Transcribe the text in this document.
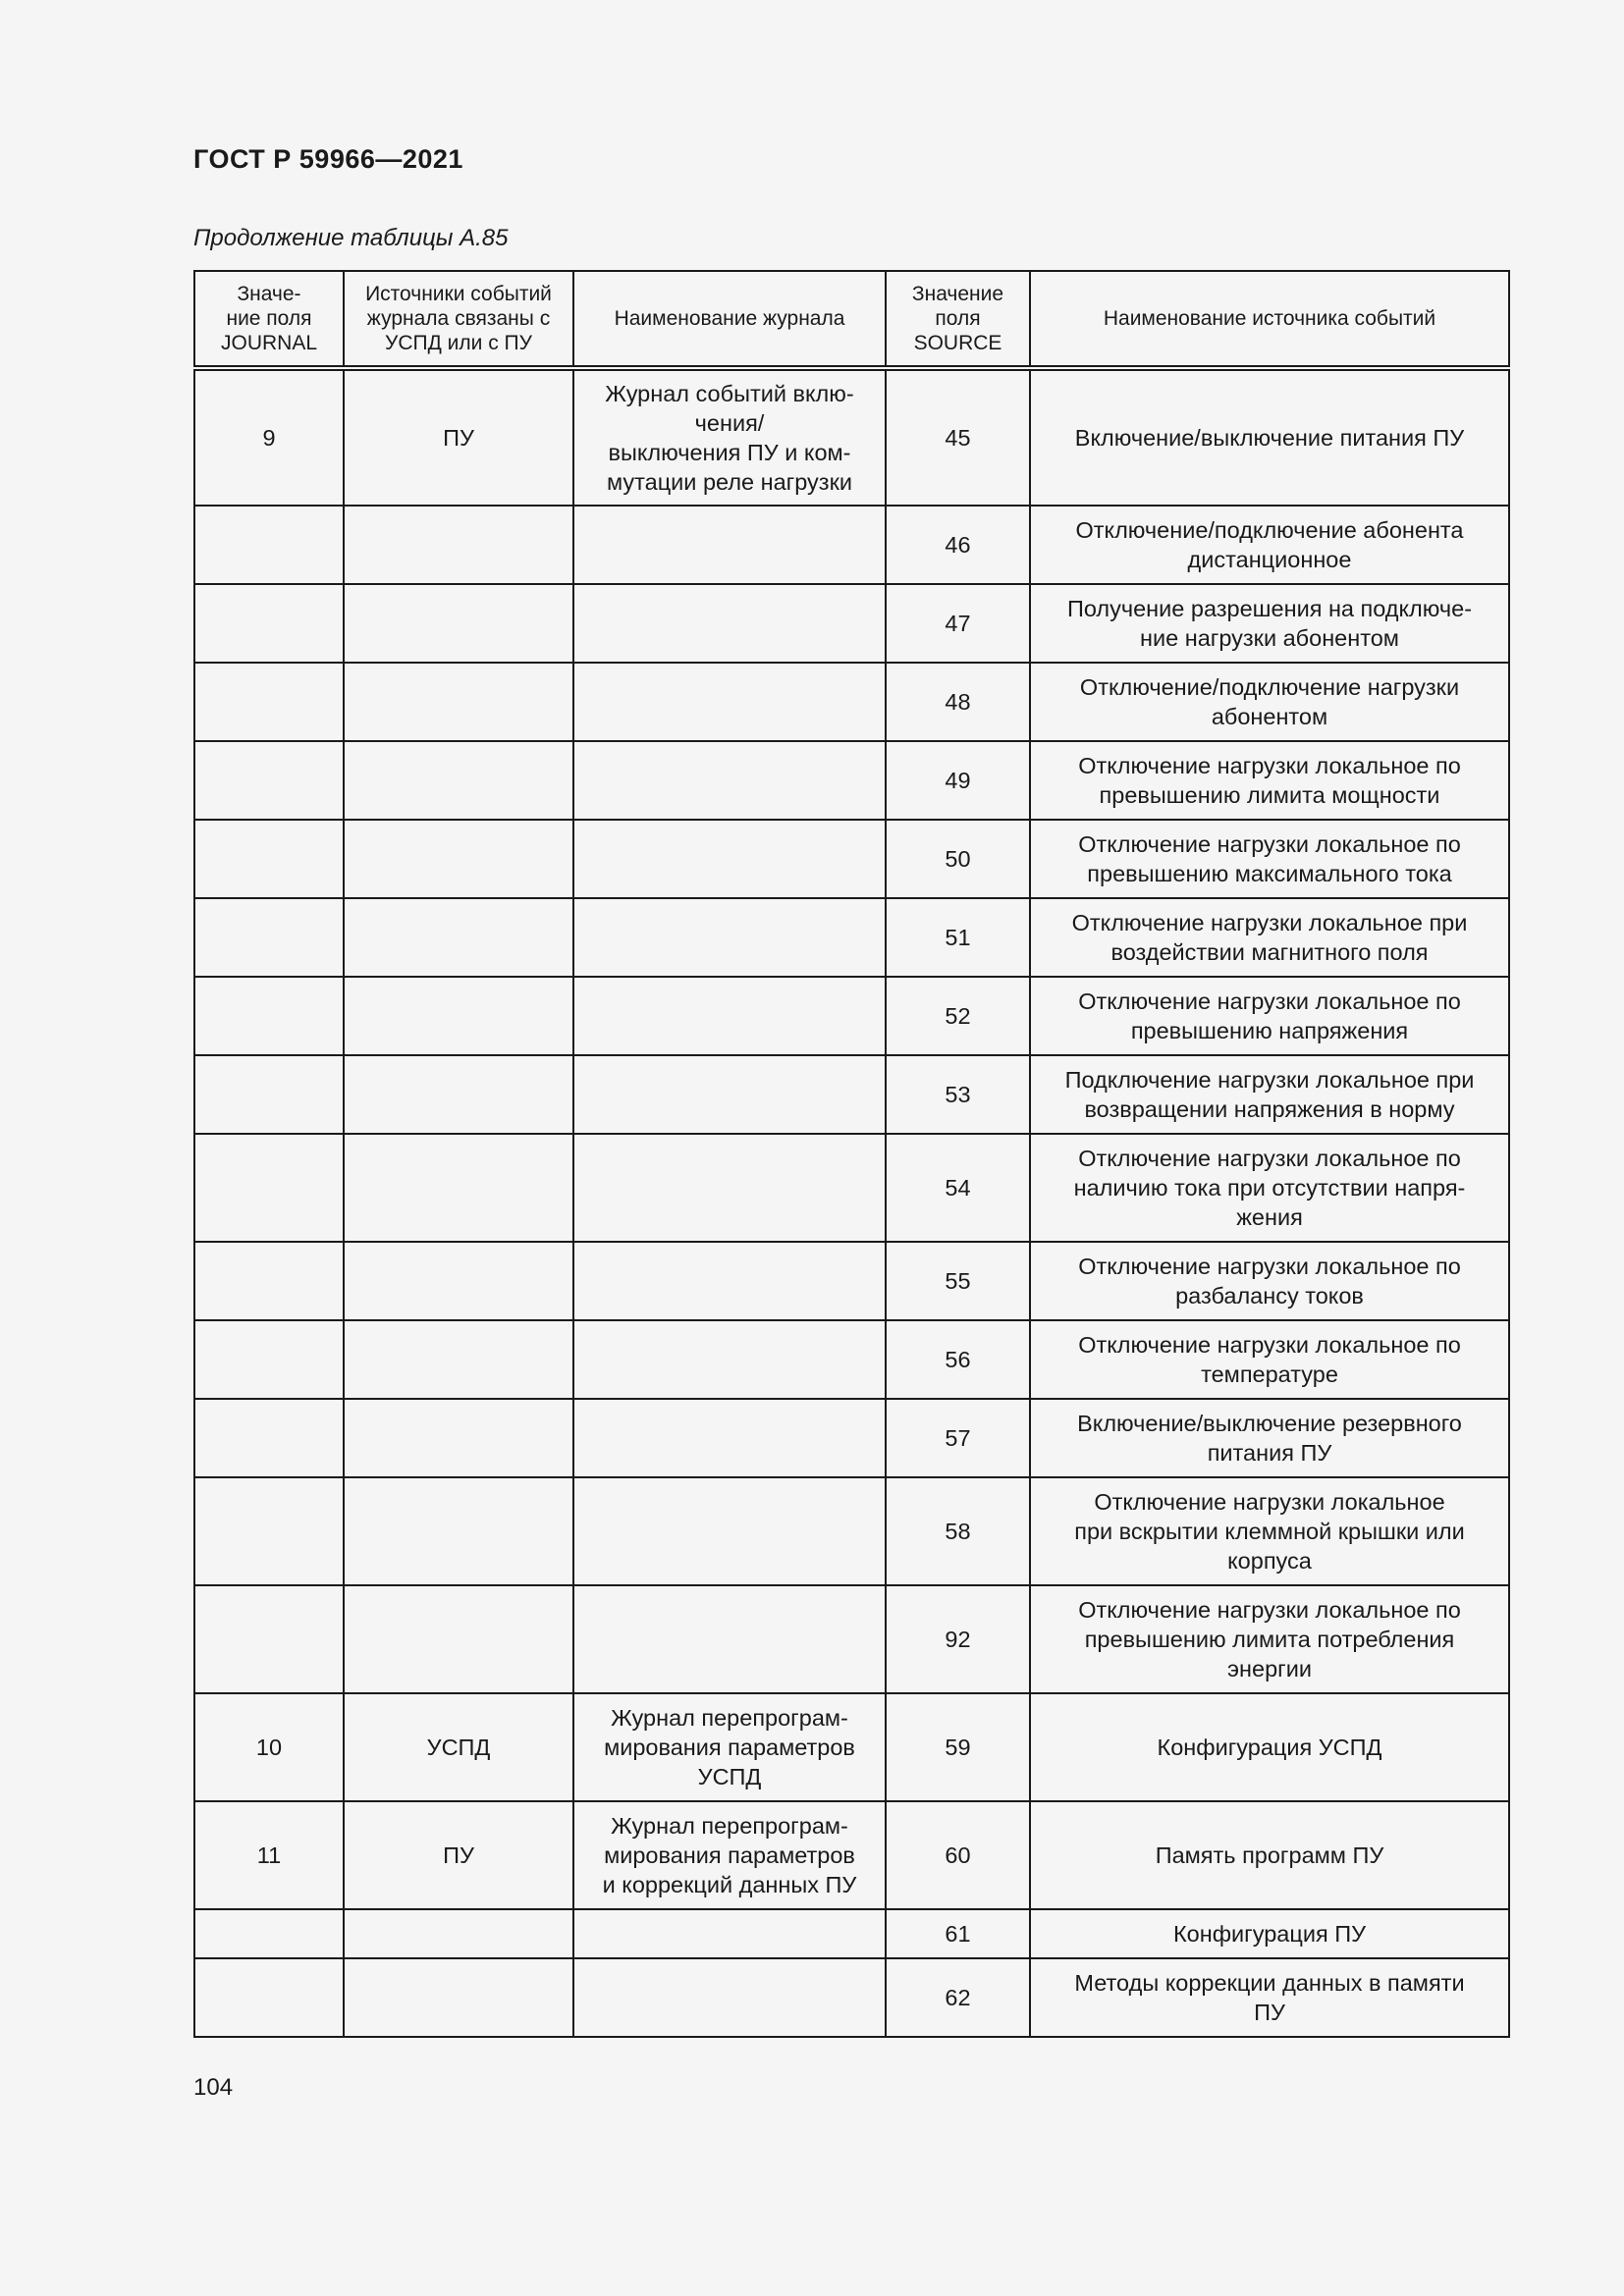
ГОСТ Р 59966—2021
Продолжение таблицы А.85
Значе-
ние поля
JOURNAL	Источники событий
журнала связаны с
УСПД или с ПУ	Наименование журнала	Значение
поля
SOURCE	Наименование источника событий

9	ПУ	Журнал событий вклю-
чения/
выключения ПУ и ком-
мутации реле нагрузки	45	Включение/выключение питания ПУ

			46	Отключение/подключение абонента
дистанционное

			47	Получение разрешения на подключе-
ние нагрузки абонентом

			48	Отключение/подключение нагрузки
абонентом

			49	Отключение нагрузки локальное по
превышению лимита мощности

			50	Отключение нагрузки локальное по
превышению максимального тока

			51	Отключение нагрузки локальное при
воздействии магнитного поля

			52	Отключение нагрузки локальное по
превышению напряжения

			53	Подключение нагрузки локальное при
возвращении напряжения в норму

			54	Отключение нагрузки локальное по
наличию тока при отсутствии напря-
жения

			55	Отключение нагрузки локальное по
разбалансу токов

			56	Отключение нагрузки локальное по
температуре

			57	Включение/выключение резервного
питания ПУ

			58	Отключение нагрузки локальное
при вскрытии клеммной крышки или
корпуса

			92	Отключение нагрузки локальное по
превышению лимита потребления
энергии

10	УСПД	Журнал перепрограм-
мирования параметров
УСПД	59	Конфигурация УСПД

11	ПУ	Журнал перепрограм-
мирования параметров
и коррекций данных ПУ	60	Память программ ПУ

			61	Конфигурация ПУ

			62	Методы коррекции данных в памяти
ПУ
104
